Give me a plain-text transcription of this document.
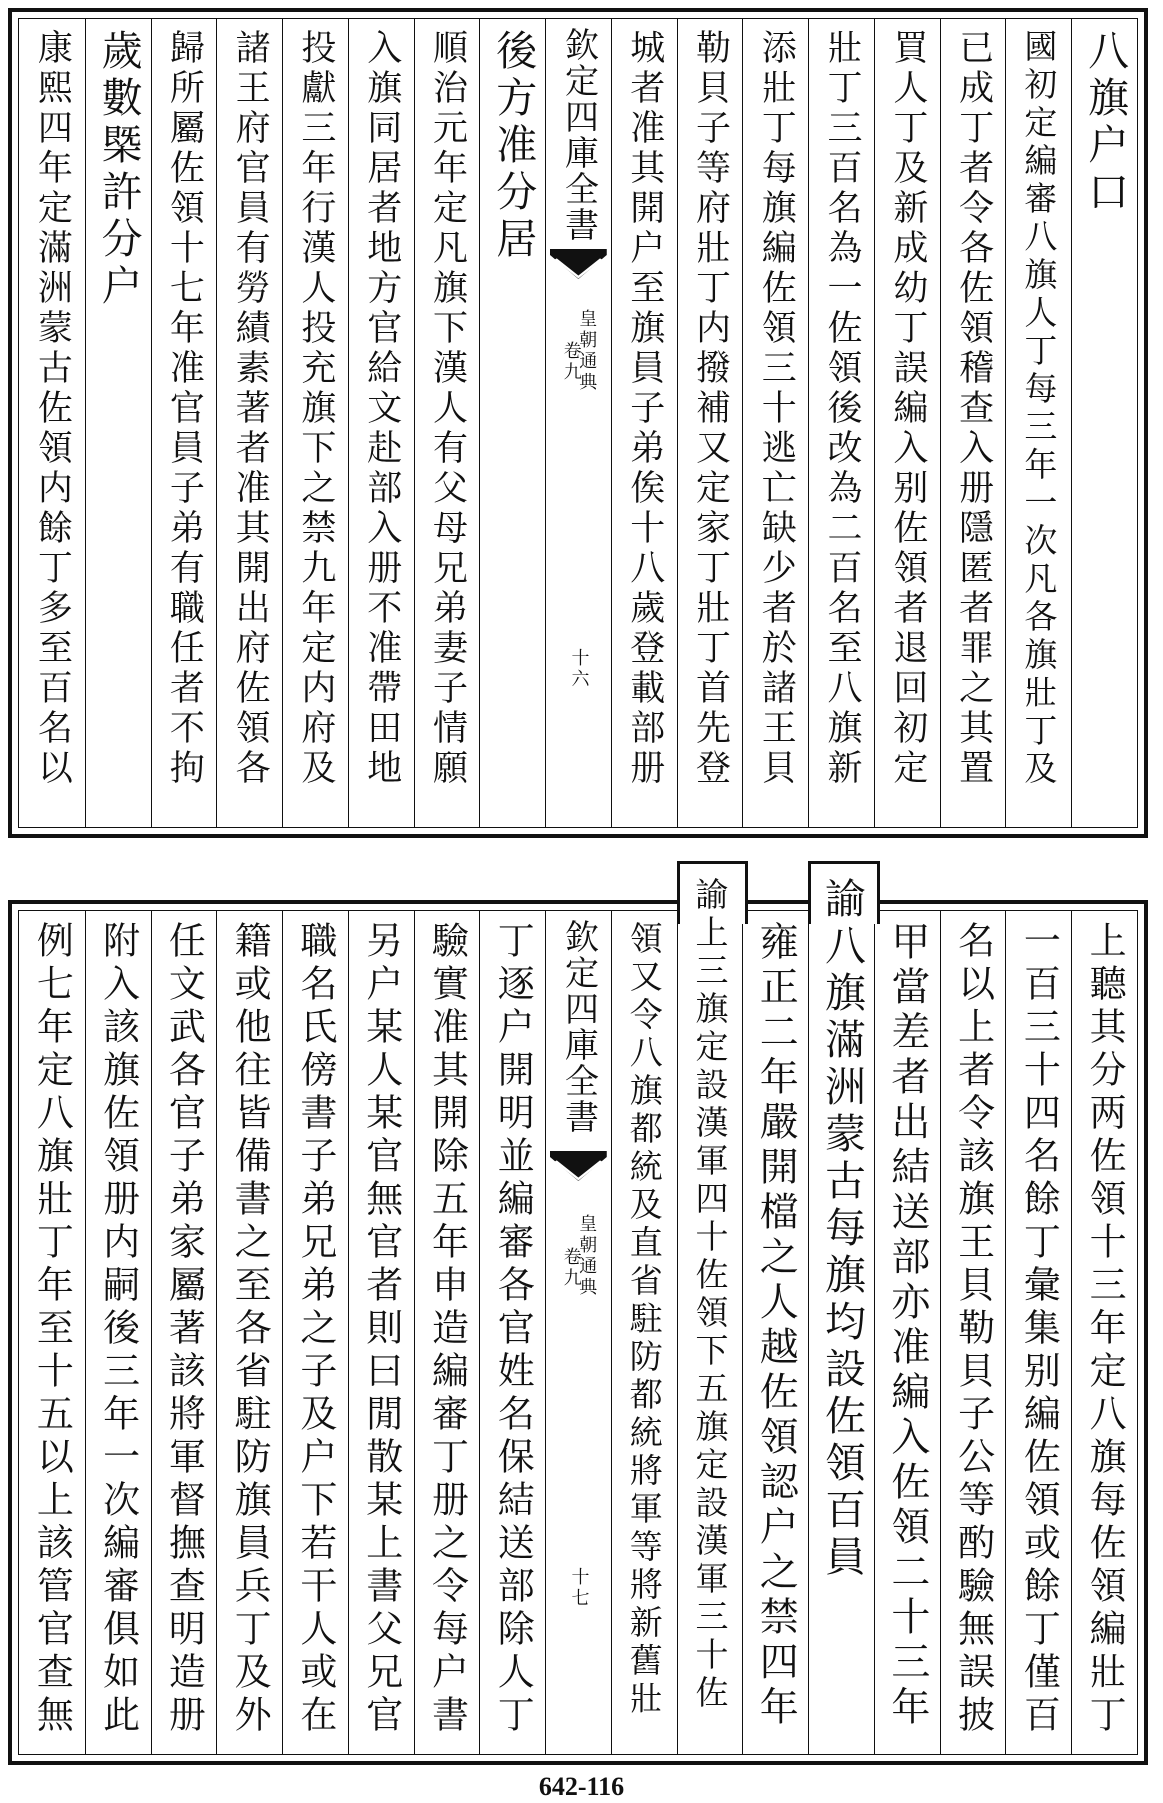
八旗户口
國初定編審八旗人丁每三年一次凡各旗壯丁及
已成丁者令各佐領稽查入册隱匿者罪之其置
買人丁及新成幼丁誤編入别佐領者退回初定
壯丁三百名為一佐領後改為二百名至八旗新
添壯丁每旗編佐領三十逃亡缺少者於諸王貝
勒貝子等府壯丁内撥補又定家丁壯丁首先登
城者准其開户至旗員子弟俟十八歲登載部册
欽定四庫全書
皇朝通典
卷九
十六
後方准分居
順治元年定凡旗下漢人有父母兄弟妻子情願
入旗同居者地方官給文赴部入册不准帶田地
投獻三年行漢人投充旗下之禁九年定内府及
諸王府官員有勞績素著者准其開出府佐領各
歸所屬佐領十七年准官員子弟有職任者不拘
歲數槩許分户
康熙四年定滿洲蒙古佐領内餘丁多至百名以
上聽其分两佐領十三年定八旗每佐領編壯丁
一百三十四名餘丁彙集别編佐領或餘丁僅百
名以上者令該旗王貝勒貝子公等酌驗無誤披
甲當差者出結送部亦准編入佐領二十三年
諭八旗滿洲蒙古每旗均設佐領百員
雍正二年嚴開檔之人越佐領認户之禁四年
諭上三旗定設漢軍四十佐領下五旗定設漢軍三十佐
領又令八旗都統及直省駐防都統將軍等將新舊壯
欽定四庫全書
皇朝通典
卷九
十七
丁逐户開明並編審各官姓名保結送部除人丁
驗實准其開除五年申造編審丁册之令每户書
另户某人某官無官者則曰閒散某上書父兄官
職名氏傍書子弟兄弟之子及户下若干人或在
籍或他往皆備書之至各省駐防旗員兵丁及外
任文武各官子弟家屬著該將軍督撫查明造册
附入該旗佐領册内嗣後三年一次編審俱如此
例七年定八旗壯丁年至十五以上該管官查無
642-116
